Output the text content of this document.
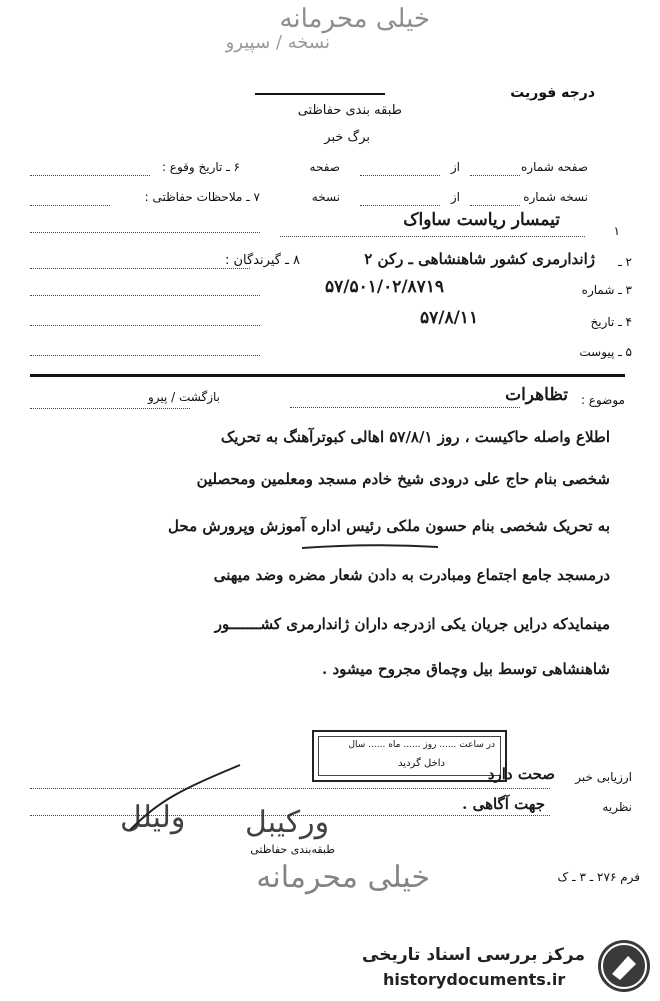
خیلی محرمانه
نسخه / سپیرو
طبقه بندی حفاظتی
درجه فوریت
برگ خبر
صفحه شماره
از
صفحه
نسخه شماره
از
نسخه
۶ ـ تاریخ وقوع :
۷ ـ ملاحظات حفاظتی :
۱
تیمسار ریاست ساواک
۲ ـ
ژاندارمری کشور شاهنشاهی ـ رکن ۲
۸ ـ گیرندگان :
۳ ـ شماره
۵۷/۵۰۱/۰۲/۸۷۱۹
۴ ـ تاریخ
۵۷/۸/۱۱
۵ ـ پیوست
موضوع :
تظاهرات
بازگشت / پیرو
اطلاع واصله حاکیست ، روز ۵۷/۸/۱ اهالی کبوترآهنگ به تحریک
شخصی بنام حاج علی درودی شیخ خادم مسجد ومعلمین ومحصلین
به تحریک شخصی بنام حسون ملکی رئیس اداره آموزش وپرورش محل
درمسجد جامع اجتماع ومبادرت به دادن شعار مضره وضد میهنی
مینمایدکه درایں جریان یکی ازدرجه داران ژاندارمری کشـــــــور
شاهنشاهی توسط بیل وچماق مجروح میشود .
در ساعت ...... روز ...... ماه ...... سال
داخل گردید
ارزیابی خبر
صحت دارد
نظریه
جهت آگاهی .
ولیلل ورکیبل
طبقه‌بندی حفاظتی
فرم ۲۷۶ ـ ۳ ـ ک
خیلی محرمانه
مرکز بررسی اسناد تاریخی
historydocuments.ir
